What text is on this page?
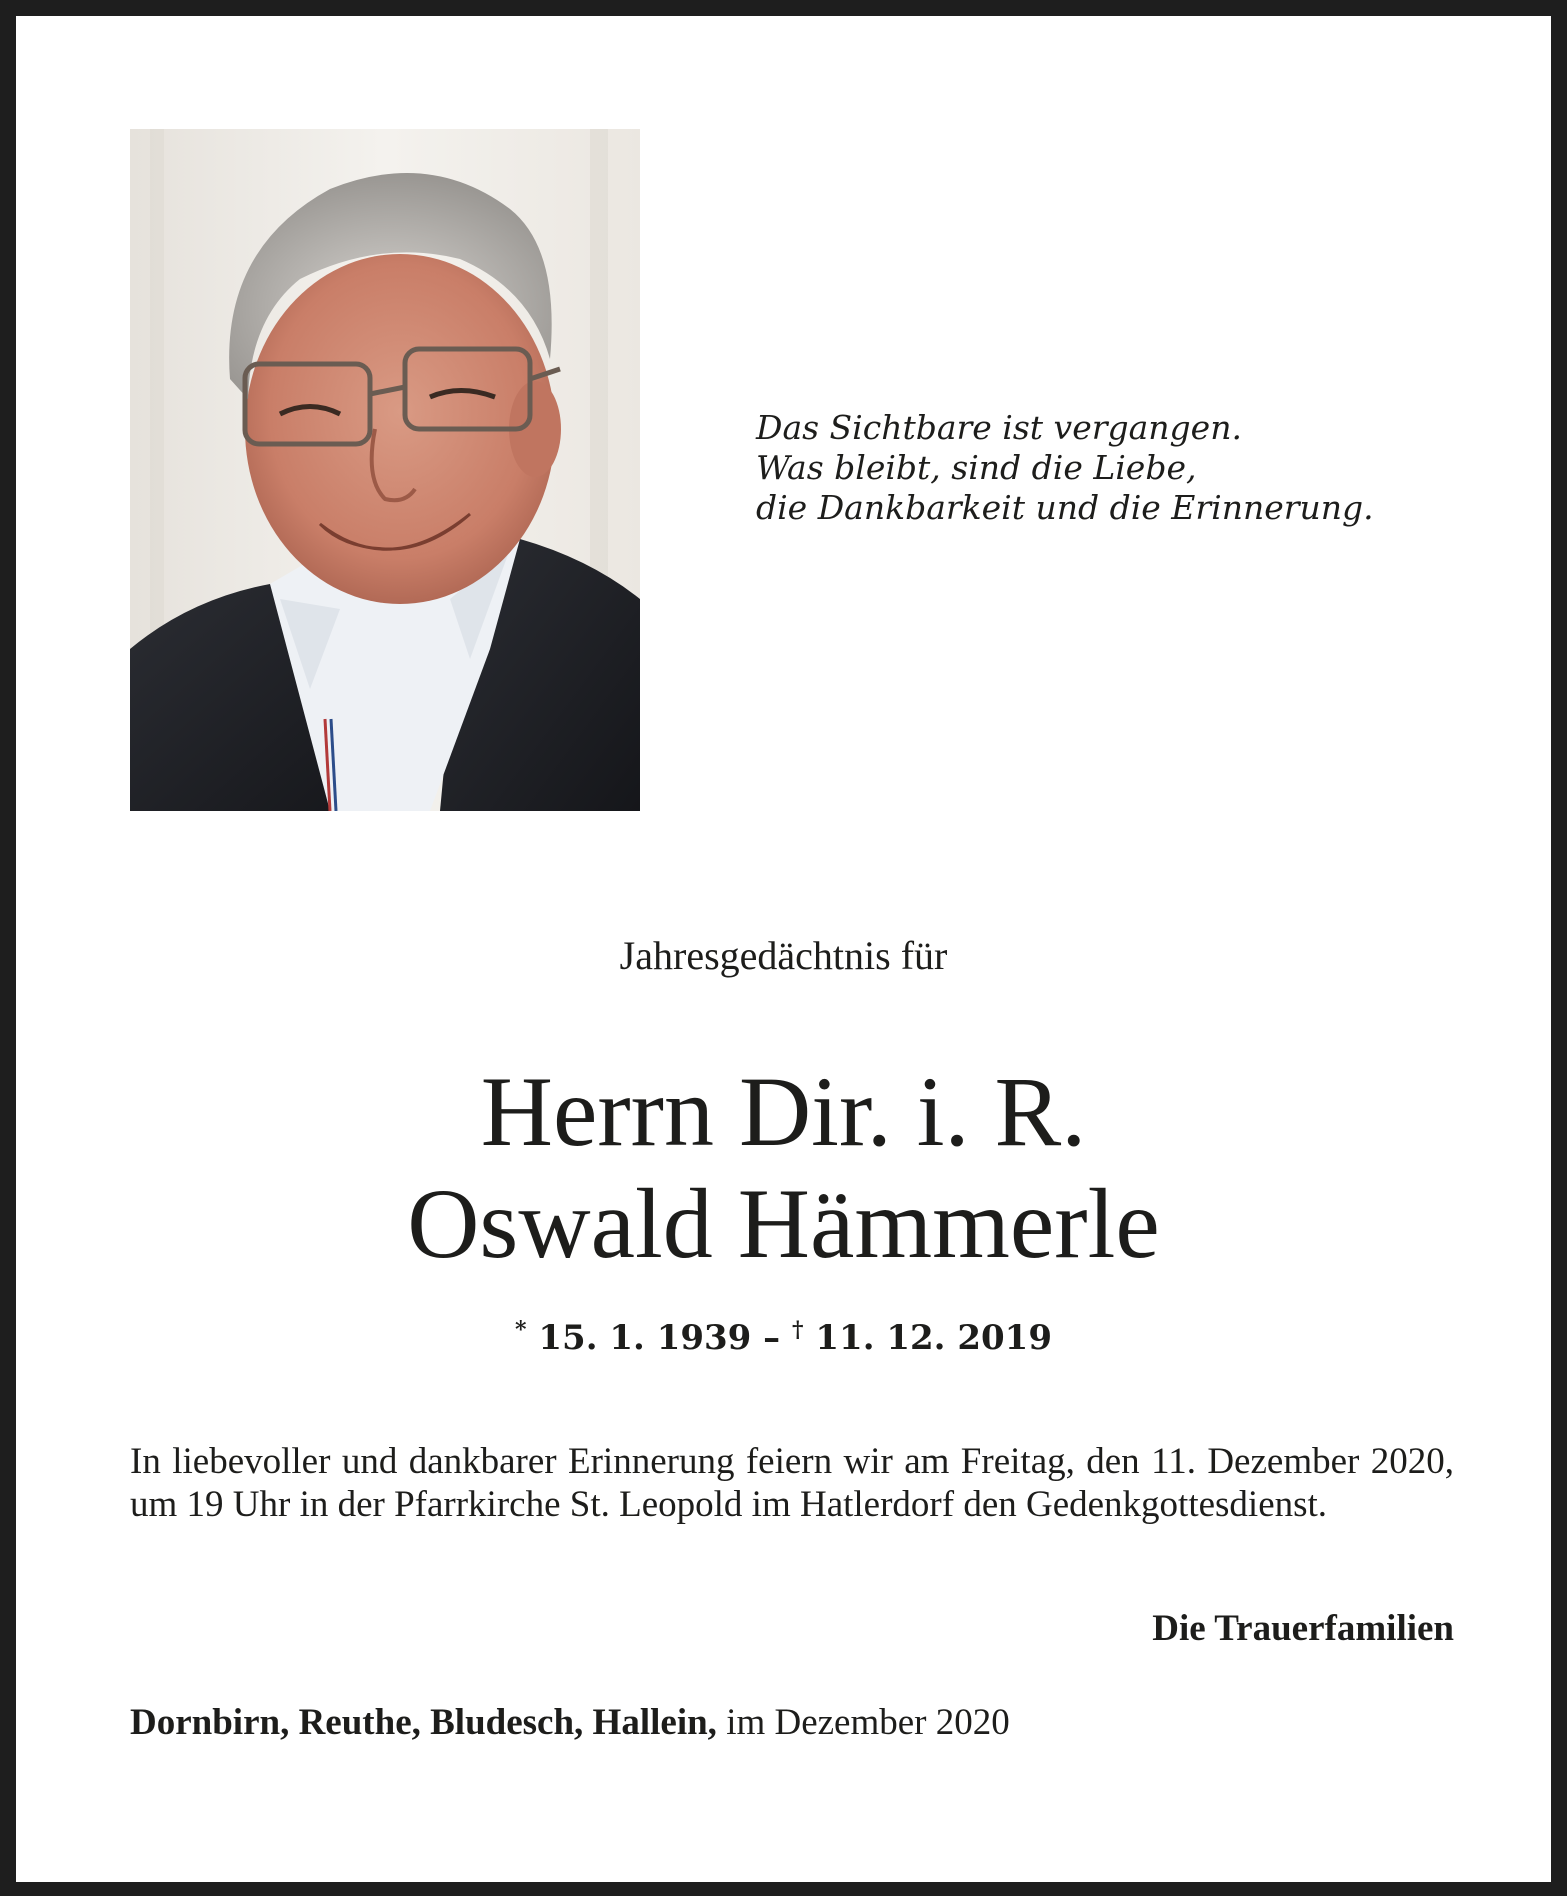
Das Sichtbare ist vergangen.
Was bleibt, sind die Liebe,
die Dankbarkeit und die Erinnerung.
Jahresgedächtnis für
Herrn Dir. i. R.
Oswald Hämmerle
* 15. 1. 1939 – † 11. 12. 2019
In liebevoller und dankbarer Erinnerung feiern wir am Freitag, den 11. Dezember 2020, um 19 Uhr in der Pfarrkirche St. Leopold im Hatlerdorf den Gedenkgottesdienst.
Die Trauerfamilien
Dornbirn, Reuthe, Bludesch, Hallein, im Dezember 2020
